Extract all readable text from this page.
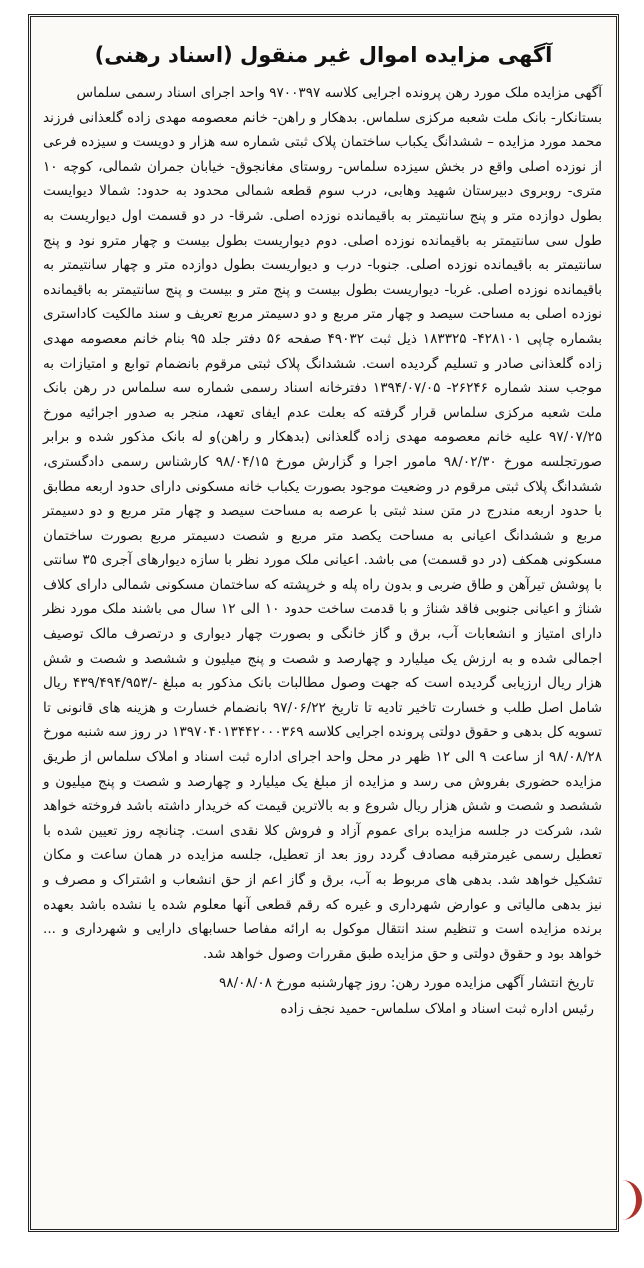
آگهی مزایده اموال غیر منقول (اسناد رهنی)

آگهی مزایده ملک مورد رهن پرونده اجرایی کلاسه ۹۷۰۰۳۹۷ واحد اجرای اسناد رسمی سلماس

بستانکار- بانک ملت شعبه مرکزی سلماس. بدهکار و راهن- خانم معصومه مهدی زاده گلعذانی فرزند محمد مورد مزایده – ششدانگ یکباب ساختمان پلاک ثبتی شماره سه هزار و دویست و سیزده فرعی از نوزده اصلی واقع در بخش سیزده سلماس- روستای مغانجوق- خیابان جمران شمالی، کوچه ۱۰ متری- روبروی دبیرستان شهید وهابی، درب سوم قطعه شمالی محدود به حدود: شمالا دیوایست بطول دوازده متر و پنج سانتیمتر به باقیمانده نوزده اصلی. شرقا- در دو قسمت اول دیواریست به طول سی سانتیمتر به باقیمانده نوزده اصلی. دوم دیواریست بطول بیست و چهار مترو نود و پنج سانتیمتر به باقیمانده نوزده اصلی. جنوبا- درب و دیواریست بطول دوازده متر و چهار سانتیمتر به باقیمانده نوزده اصلی. غربا- دیواریست بطول بیست و پنج متر و بیست و پنج سانتیمتر به باقیمانده نوزده اصلی به مساحت سیصد و چهار متر مربع و دو دسیمتر مربع تعریف و سند مالکیت کاداستری بشماره چاپی ۴۲۸۱۰۱- ۱۸۳۳۲۵ ذیل ثبت ۴۹۰۳۲ صفحه ۵۶ دفتر جلد ۹۵ بنام خانم معصومه مهدی زاده گلعذانی صادر و تسلیم گردیده است. ششدانگ پلاک ثبتی مرقوم بانضمام توابع و امتیازات به موجب سند شماره ۲۶۲۴۶- ۱۳۹۴/۰۷/۰۵ دفترخانه اسناد رسمی شماره سه سلماس در رهن بانک ملت شعبه مرکزی سلماس قرار گرفته که بعلت عدم ایفای تعهد، منجر به صدور اجرائیه مورخ ۹۷/۰۷/۲۵ علیه خانم معصومه مهدی زاده گلعذانی (بدهکار و راهن)و له بانک مذکور شده و برابر صورتجلسه مورخ ۹۸/۰۲/۳۰ مامور اجرا و گزارش مورخ ۹۸/۰۴/۱۵ کارشناس رسمی دادگستری، ششدانگ پلاک ثبتی مرقوم در وضعیت موجود بصورت یکباب خانه مسکونی دارای حدود اربعه مطابق با حدود اربعه مندرج در متن سند ثبتی با عرصه به مساحت سیصد و چهار متر مربع و دو دسیمتر مربع و ششدانگ اعیانی به مساحت یکصد متر مربع و شصت دسیمتر مربع بصورت ساختمان مسکونی همکف (در دو قسمت) می باشد. اعیانی ملک مورد نظر با سازه دیوارهای آجری ۳۵ سانتی با پوشش تیرآهن و طاق ضربی و بدون راه پله و خرپشته که ساختمان مسکونی شمالی دارای کلاف شناژ و اعیانی جنوبی فاقد شناژ و با قدمت ساخت حدود ۱۰ الی ۱۲ سال می باشند ملک مورد نظر دارای امتیاز و انشعابات آب، برق و گاز خانگی و بصورت چهار دیواری و درتصرف مالک توصیف اجمالی شده و به ارزش یک میلیارد و چهارصد و شصت و پنج میلیون و ششصد و شصت و شش هزار ریال ارزیابی گردیده است که جهت وصول مطالبات بانک مذکور به مبلغ -/۴۳۹/۴۹۴/۹۵۳ ریال شامل اصل طلب و خسارت تاخیر تادیه تا تاریخ ۹۷/۰۶/۲۲ بانضمام خسارت و هزینه های قانونی تا تسویه کل بدهی و حقوق دولتی پرونده اجرایی کلاسه ۱۳۹۷۰۴۰۱۳۴۴۲۰۰۰۳۶۹ در روز سه شنبه مورخ ۹۸/۰۸/۲۸ از ساعت ۹ الی ۱۲ ظهر در محل واحد اجرای اداره ثبت اسناد و املاک سلماس از طریق مزایده حضوری بفروش می رسد و مزایده از مبلغ یک میلیارد و چهارصد و شصت و پنج میلیون و ششصد و شصت و شش هزار ریال شروع و به بالاترین قیمت که خریدار داشته باشد فروخته خواهد شد، شرکت در جلسه مزایده برای عموم آزاد و فروش کلا نقدی است. چنانچه روز تعیین شده با تعطیل رسمی غیرمترقبه مصادف گردد روز بعد از تعطیل، جلسه مزایده در همان ساعت و مکان تشکیل خواهد شد. بدهی های مربوط به آب، برق و گاز اعم از حق انشعاب و اشتراک و مصرف و نیز بدهی مالیاتی و عوارض شهرداری و غیره که رقم قطعی آنها معلوم شده یا نشده باشد بعهده برنده مزایده است و تنظیم سند انتقال موکول به ارائه مفاصا حسابهای دارایی و شهرداری و ... خواهد بود و حقوق دولتی و حق مزایده طبق مقررات وصول خواهد شد.

تاریخ انتشار آگهی مزایده مورد رهن: روز چهارشنبه مورخ ۹۸/۰۸/۰۸
رئیس اداره ثبت اسناد و املاک سلماس- حمید نجف زاده
